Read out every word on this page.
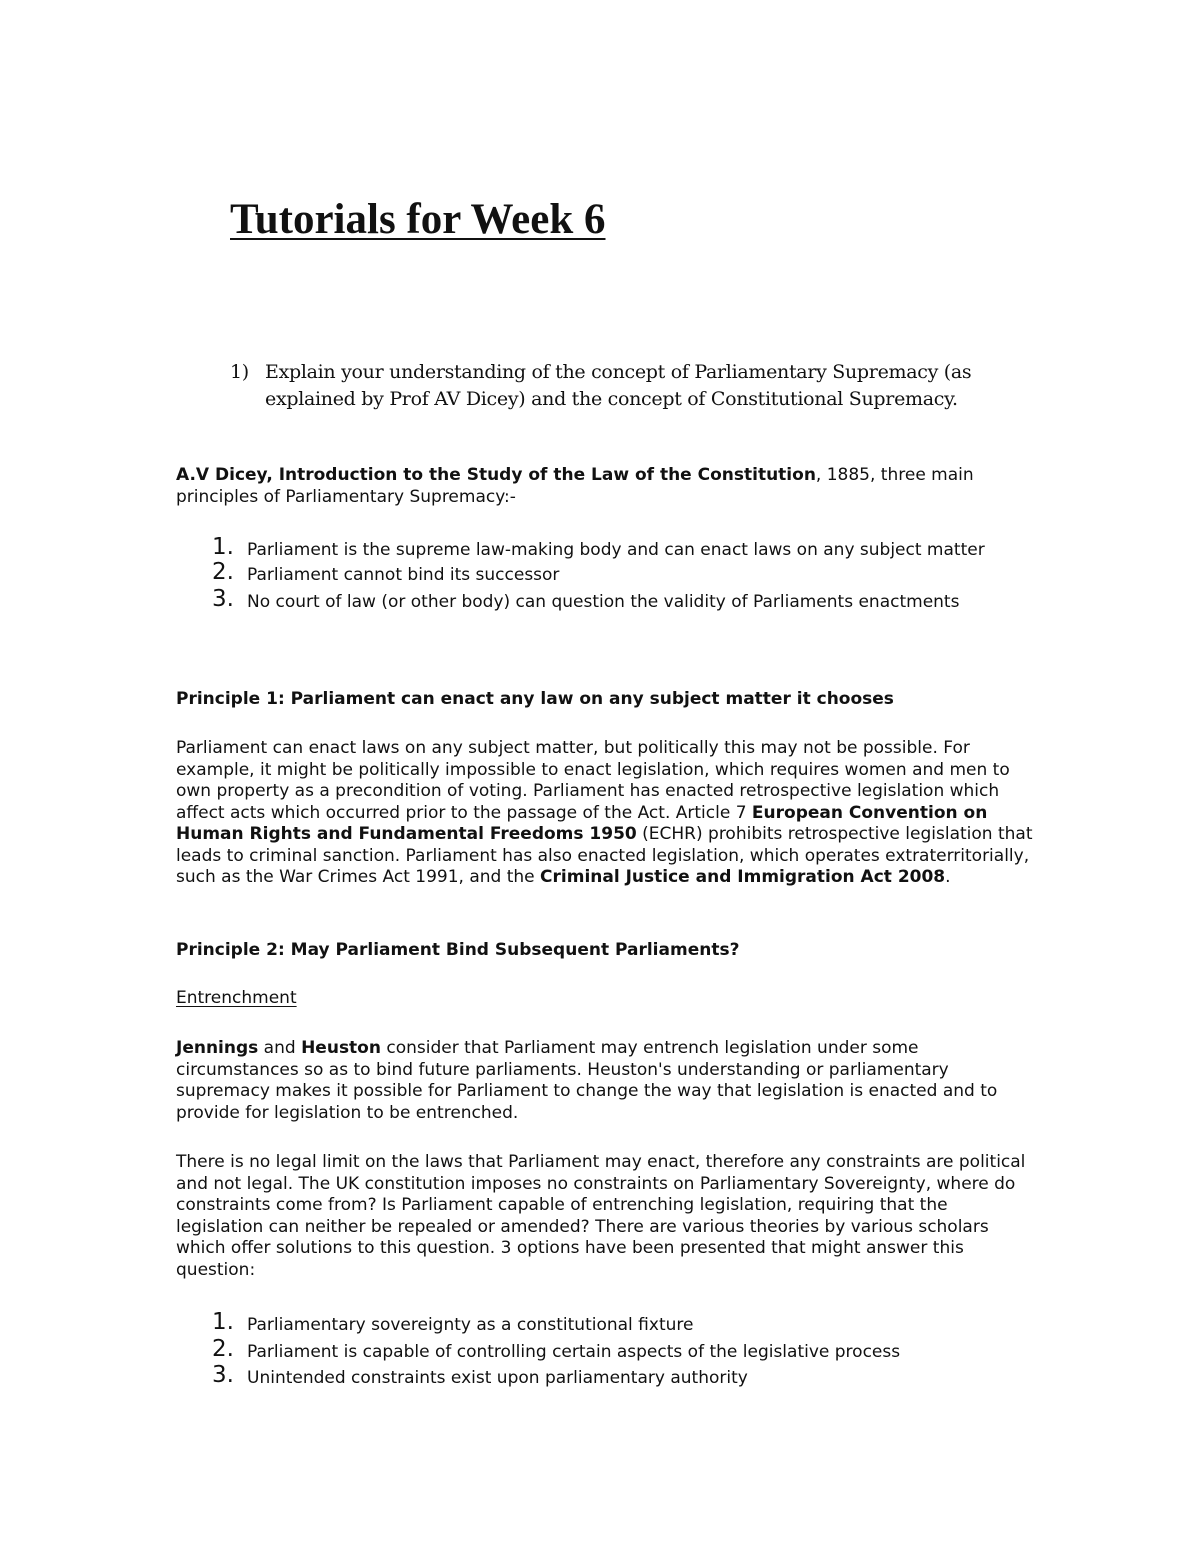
Tutorials for Week 6
1) Explain your understanding of the concept of Parliamentary Supremacy (as explained by Prof AV Dicey) and the concept of Constitutional Supremacy.

A.V Dicey, Introduction to the Study of the Law of the Constitution, 1885, three main principles of Parliamentary Supremacy:-

1. Parliament is the supreme law-making body and can enact laws on any subject matter
2. Parliament cannot bind its successor
3. No court of law (or other body) can question the validity of Parliaments enactments

Principle 1: Parliament can enact any law on any subject matter it chooses

Parliament can enact laws on any subject matter, but politically this may not be possible. For example, it might be politically impossible to enact legislation, which requires women and men to own property as a precondition of voting. Parliament has enacted retrospective legislation which affect acts which occurred prior to the passage of the Act. Article 7 European Convention on Human Rights and Fundamental Freedoms 1950 (ECHR) prohibits retrospective legislation that leads to criminal sanction. Parliament has also enacted legislation, which operates extraterritorially, such as the War Crimes Act 1991, and the Criminal Justice and Immigration Act 2008.

Principle 2: May Parliament Bind Subsequent Parliaments?

Entrenchment

Jennings and Heuston consider that Parliament may entrench legislation under some circumstances so as to bind future parliaments. Heuston's understanding or parliamentary supremacy makes it possible for Parliament to change the way that legislation is enacted and to provide for legislation to be entrenched.

There is no legal limit on the laws that Parliament may enact, therefore any constraints are political and not legal. The UK constitution imposes no constraints on Parliamentary Sovereignty, where do constraints come from? Is Parliament capable of entrenching legislation, requiring that the legislation can neither be repealed or amended? There are various theories by various scholars which offer solutions to this question. 3 options have been presented that might answer this question:

1. Parliamentary sovereignty as a constitutional fixture
2. Parliament is capable of controlling certain aspects of the legislative process
3. Unintended constraints exist upon parliamentary authority
